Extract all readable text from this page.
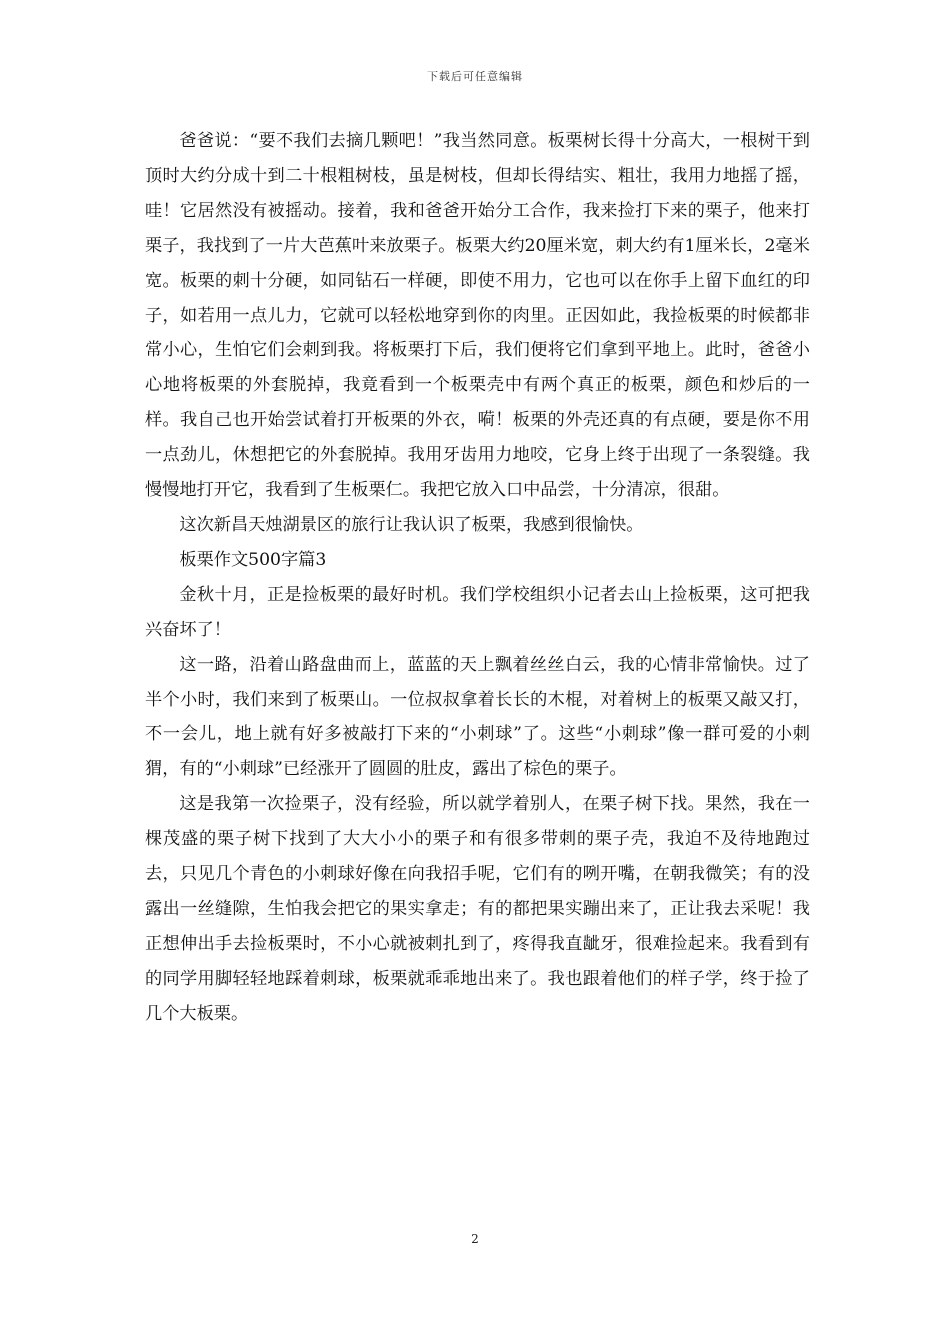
下载后可任意编辑

爸爸说：“要不我们去摘几颗吧！”我当然同意。板栗树长得十分高大，一根树干到顶时大约分成十到二十根粗树枝，虽是树枝，但却长得结实、粗壮，我用力地摇了摇，哇！它居然没有被摇动。接着，我和爸爸开始分工合作，我来捡打下来的栗子，他来打栗子，我找到了一片大芭蕉叶来放栗子。板栗大约20厘米宽，刺大约有1厘米长，2毫米宽。板栗的刺十分硬，如同钻石一样硬，即使不用力，它也可以在你手上留下血红的印子，如若用一点儿力，它就可以轻松地穿到你的肉里。正因如此，我捡板栗的时候都非常小心，生怕它们会刺到我。将板栗打下后，我们便将它们拿到平地上。此时，爸爸小心地将板栗的外套脱掉，我竟看到一个板栗壳中有两个真正的板栗，颜色和炒后的一样。我自己也开始尝试着打开板栗的外衣，嗬！板栗的外壳还真的有点硬，要是你不用一点劲儿，休想把它的外套脱掉。我用牙齿用力地咬，它身上终于出现了一条裂缝。我慢慢地打开它，我看到了生板栗仁。我把它放入口中品尝，十分清凉，很甜。

这次新昌天烛湖景区的旅行让我认识了板栗，我感到很愉快。

板栗作文500字篇3

金秋十月，正是捡板栗的最好时机。我们学校组织小记者去山上捡板栗，这可把我兴奋坏了！

这一路，沿着山路盘曲而上，蓝蓝的天上飘着丝丝白云，我的心情非常愉快。过了半个小时，我们来到了板栗山。一位叔叔拿着长长的木棍，对着树上的板栗又敲又打，不一会儿，地上就有好多被敲打下来的“小刺球”了。这些“小刺球”像一群可爱的小刺猬，有的“小刺球”已经涨开了圆圆的肚皮，露出了棕色的栗子。

这是我第一次捡栗子，没有经验，所以就学着别人，在栗子树下找。果然，我在一棵茂盛的栗子树下找到了大大小小的栗子和有很多带刺的栗子壳，我迫不及待地跑过去，只见几个青色的小刺球好像在向我招手呢，它们有的咧开嘴，在朝我微笑；有的没露出一丝缝隙，生怕我会把它的果实拿走；有的都把果实蹦出来了，正让我去采呢！我正想伸出手去捡板栗时，不小心就被刺扎到了，疼得我直龇牙，很难捡起来。我看到有的同学用脚轻轻地踩着刺球，板栗就乖乖地出来了。我也跟着他们的样子学，终于捡了几个大板栗。

2
